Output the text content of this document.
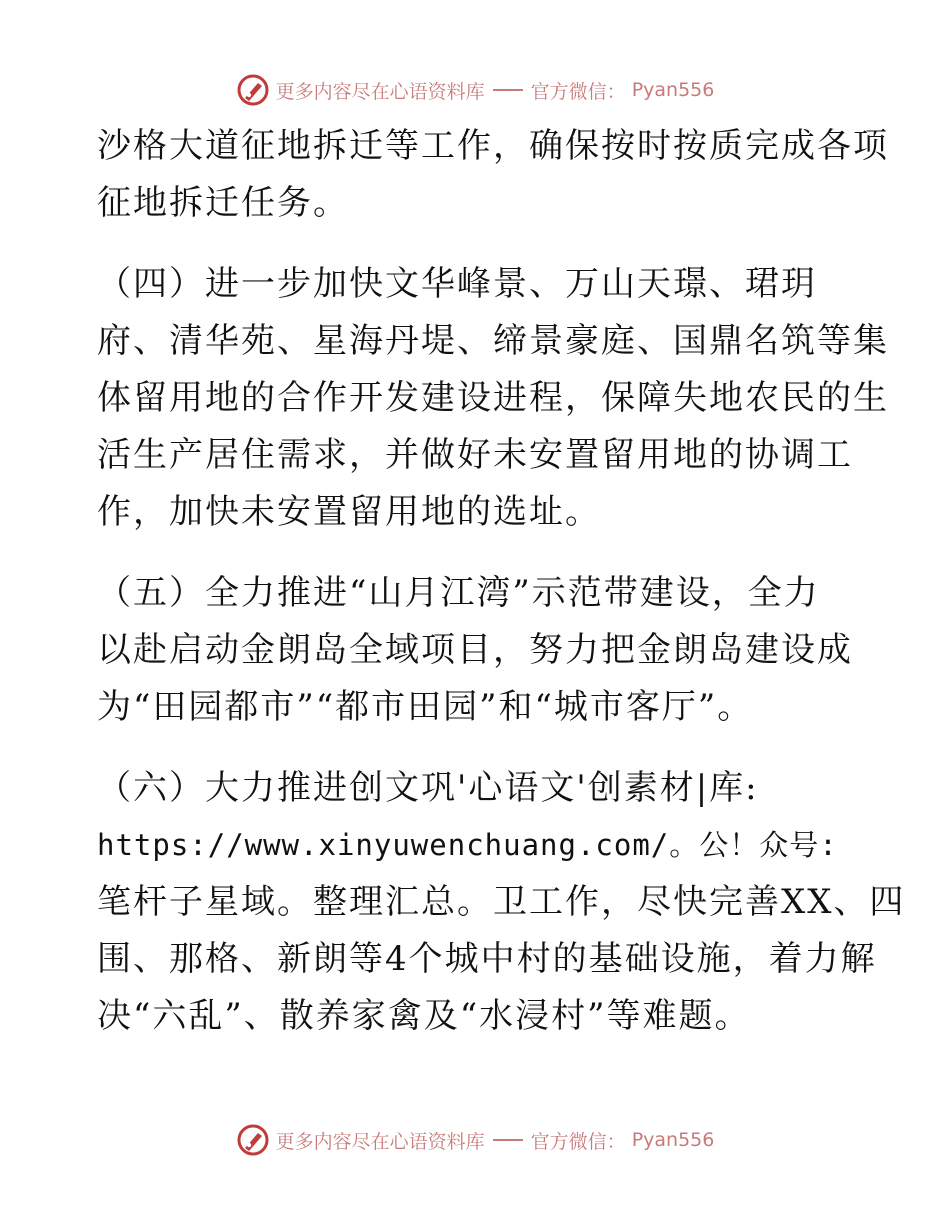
更多内容尽在心语资料库 官方微信： Pyan556
沙格大道征地拆迁等工作，确保按时按质完成各项
征地拆迁任务。
（四）进一步加快文华峰景、万山天璟、珺玥
府、清华苑、星海丹堤、缔景豪庭、国鼎名筑等集
体留用地的合作开发建设进程，保障失地农民的生
活生产居住需求，并做好未安置留用地的协调工
作，加快未安置留用地的选址。
（五）全力推进“山月江湾”示范带建设，全力
以赴启动金朗岛全域项目，努力把金朗岛建设成
为“田园都市”“都市田园”和“城市客厅”。
（六）大力推进创文巩'心语文'创素材|库:
https://www.xinyuwenchuang.com/。公！众号:
笔杆子星域。整理汇总。卫工作，尽快完善XX、四
围、那格、新朗等4个城中村的基础设施，着力解
决“六乱”、散养家禽及“水浸村”等难题。
更多内容尽在心语资料库 官方微信： Pyan556
